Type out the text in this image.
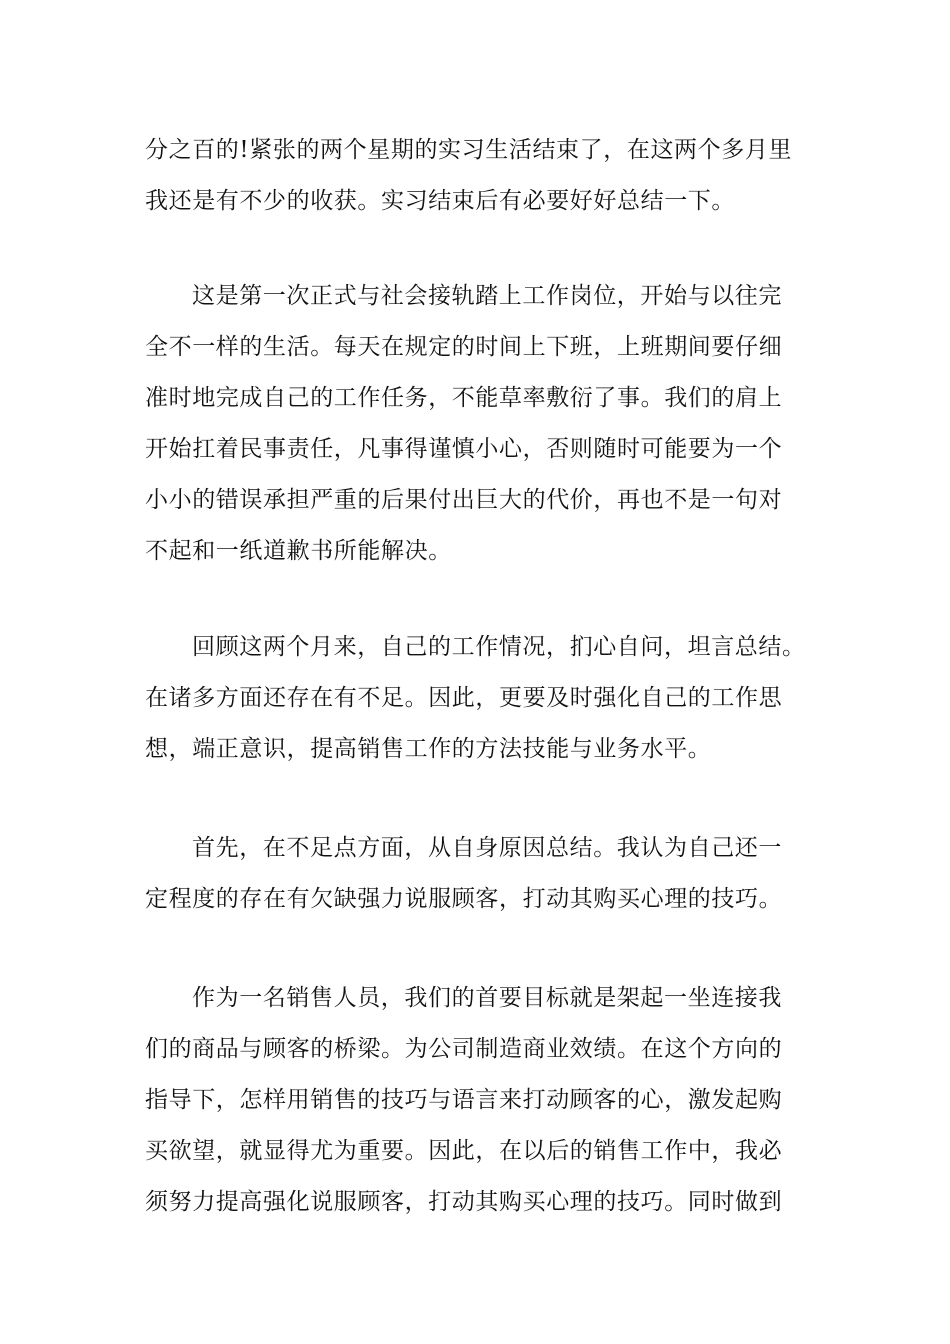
分之百的!紧张的两个星期的实习生活结束了，在这两个多月里
我还是有不少的收获。实习结束后有必要好好总结一下。
这是第一次正式与社会接轨踏上工作岗位，开始与以往完
全不一样的生活。每天在规定的时间上下班，上班期间要仔细
准时地完成自己的工作任务，不能草率敷衍了事。我们的肩上
开始扛着民事责任，凡事得谨慎小心，否则随时可能要为一个
小小的错误承担严重的后果付出巨大的代价，再也不是一句对
不起和一纸道歉书所能解决。
回顾这两个月来，自己的工作情况，扪心自问，坦言总结。
在诸多方面还存在有不足。因此，更要及时强化自己的工作思
想，端正意识，提高销售工作的方法技能与业务水平。
首先，在不足点方面，从自身原因总结。我认为自己还一
定程度的存在有欠缺强力说服顾客，打动其购买心理的技巧。
作为一名销售人员，我们的首要目标就是架起一坐连接我
们的商品与顾客的桥梁。为公司制造商业效绩。在这个方向的
指导下，怎样用销售的技巧与语言来打动顾客的心，激发起购
买欲望，就显得尤为重要。因此，在以后的销售工作中，我必
须努力提高强化说服顾客，打动其购买心理的技巧。同时做到
